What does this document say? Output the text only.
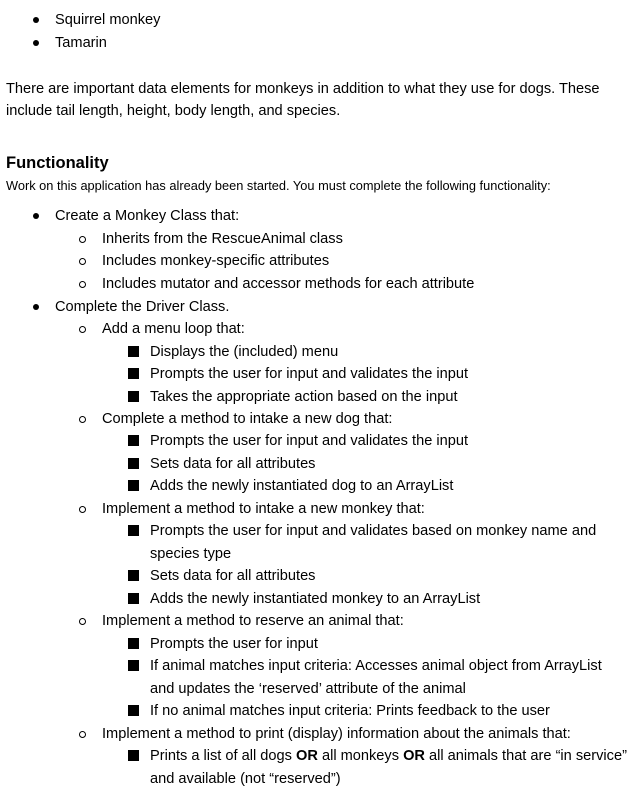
Squirrel monkey
Tamarin
There are important data elements for monkeys in addition to what they use for dogs. These
include tail length, height, body length, and species.
Functionality
Work on this application has already been started. You must complete the following functionality:
Create a Monkey Class that:
Inherits from the RescueAnimal class
Includes monkey-specific attributes
Includes mutator and accessor methods for each attribute
Complete the Driver Class.
Add a menu loop that:
Displays the (included) menu
Prompts the user for input and validates the input
Takes the appropriate action based on the input
Complete a method to intake a new dog that:
Prompts the user for input and validates the input
Sets data for all attributes
Adds the newly instantiated dog to an ArrayList
Implement a method to intake a new monkey that:
Prompts the user for input and validates based on monkey name and
species type
Sets data for all attributes
Adds the newly instantiated monkey to an ArrayList
Implement a method to reserve an animal that:
Prompts the user for input
If animal matches input criteria: Accesses animal object from ArrayList
and updates the ‘reserved’ attribute of the animal
If no animal matches input criteria: Prints feedback to the user
Implement a method to print (display) information about the animals that:
Prints a list of all dogs OR all monkeys OR all animals that are “in service”
and available (not “reserved”)
